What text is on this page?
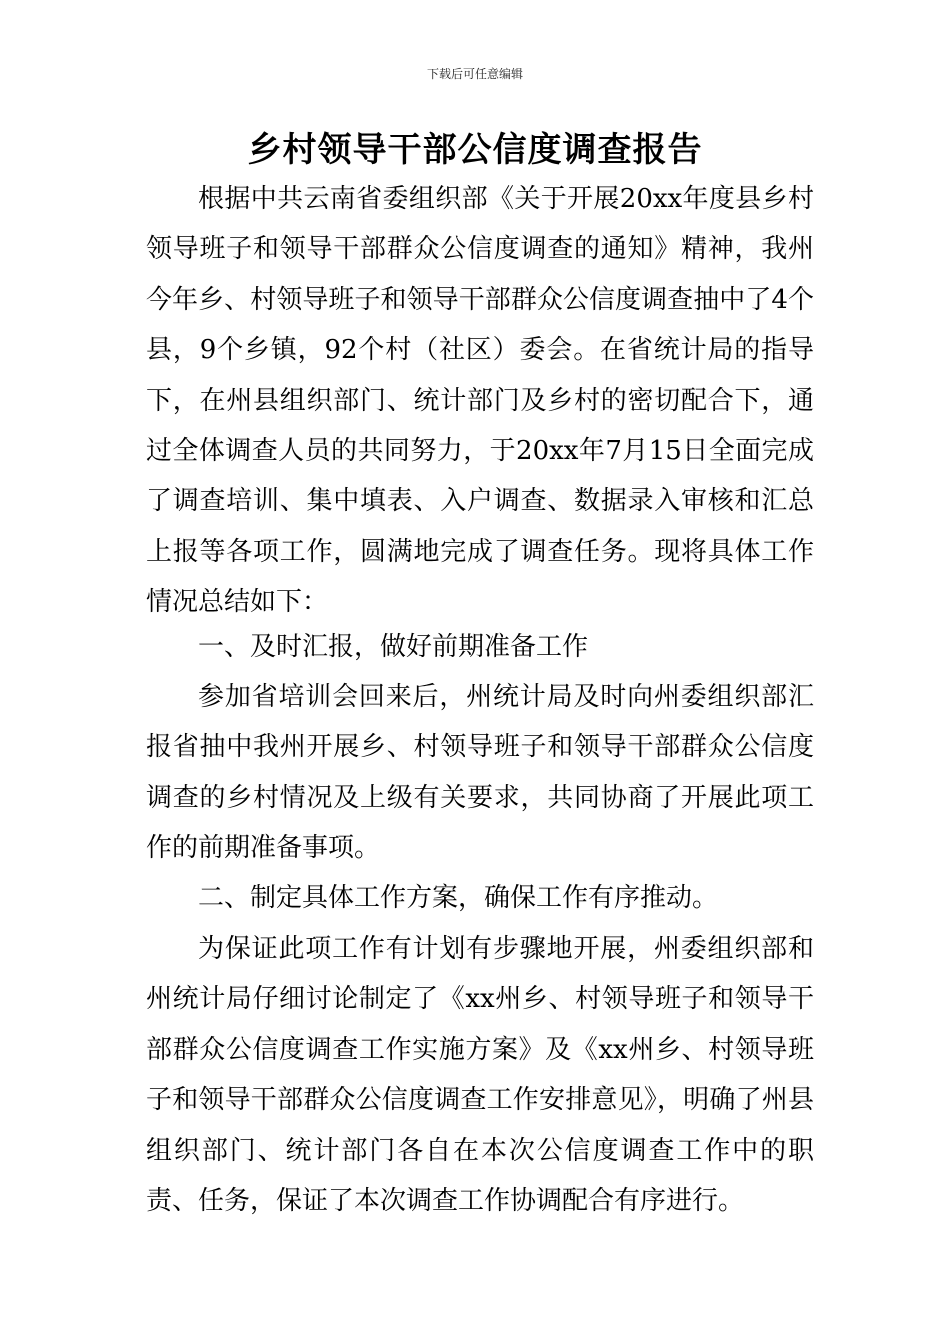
下载后可任意编辑
乡村领导干部公信度调查报告

根据中共云南省委组织部《关于开展20xx年度县乡村领导班子和领导干部群众公信度调查的通知》精神，我州今年乡、村领导班子和领导干部群众公信度调查抽中了4个县，9个乡镇，92个村（社区）委会。在省统计局的指导下，在州县组织部门、统计部门及乡村的密切配合下，通过全体调查人员的共同努力，于20xx年7月15日全面完成了调查培训、集中填表、入户调查、数据录入审核和汇总上报等各项工作，圆满地完成了调查任务。现将具体工作情况总结如下：

一、及时汇报，做好前期准备工作

参加省培训会回来后，州统计局及时向州委组织部汇报省抽中我州开展乡、村领导班子和领导干部群众公信度调查的乡村情况及上级有关要求，共同协商了开展此项工作的前期准备事项。

二、制定具体工作方案，确保工作有序推动。

为保证此项工作有计划有步骤地开展，州委组织部和州统计局仔细讨论制定了《xx州乡、村领导班子和领导干部群众公信度调查工作实施方案》及《xx州乡、村领导班子和领导干部群众公信度调查工作安排意见》，明确了州县组织部门、统计部门各自在本次公信度调查工作中的职责、任务，保证了本次调查工作协调配合有序进行。
